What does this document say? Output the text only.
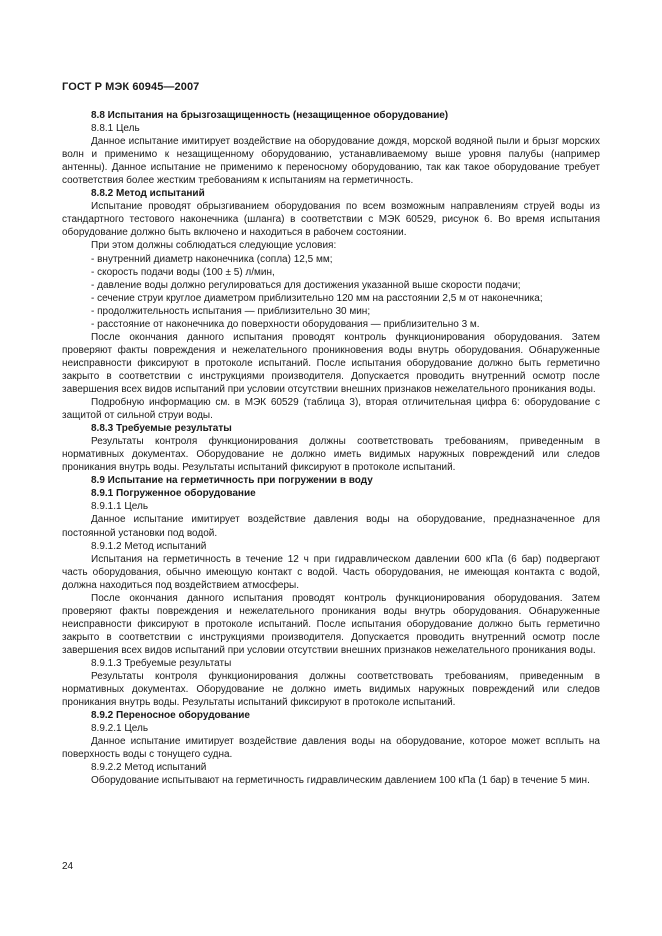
ГОСТ Р МЭК 60945—2007

8.8 Испытания на брызгозащищенность (незащищенное оборудование)

8.8.1 Цель

Данное испытание имитирует воздействие на оборудование дождя, морской водяной пыли и брызг морских волн и применимо к незащищенному оборудованию, устанавливаемому выше уровня палубы (например антенны). Данное испытание не применимо к переносному оборудованию, так как такое оборудование требует соответствия более жестким требованиям к испытаниям на герметичность.

8.8.2 Метод испытаний

Испытание проводят обрызгиванием оборудования по всем возможным направлениям струей воды из стандартного тестового наконечника (шланга) в соответствии с МЭК 60529, рисунок 6. Во время испытания оборудование должно быть включено и находиться в рабочем состоянии.

При этом должны соблюдаться следующие условия:

- внутренний диаметр наконечника (сопла) 12,5 мм;

- скорость подачи воды (100 ± 5) л/мин,

- давление воды должно регулироваться для достижения указанной выше скорости подачи;

- сечение струи круглое диаметром приблизительно 120 мм на расстоянии 2,5 м от наконечника;

- продолжительность испытания — приблизительно 30 мин;

- расстояние от наконечника до поверхности оборудования — приблизительно 3 м.

После окончания данного испытания проводят контроль функционирования оборудования. Затем проверяют факты повреждения и нежелательного проникновения воды внутрь оборудования. Обнаруженные неисправности фиксируют в протоколе испытаний. После испытания оборудование должно быть герметично закрыто в соответствии с инструкциями производителя. Допускается проводить внутренний осмотр после завершения всех видов испытаний при условии отсутствии внешних признаков нежелательного проникания воды.

Подробную информацию см. в МЭК 60529 (таблица 3), вторая отличительная цифра 6: оборудование с защитой от сильной струи воды.

8.8.3 Требуемые результаты

Результаты контроля функционирования должны соответствовать требованиям, приведенным в нормативных документах. Оборудование не должно иметь видимых наружных повреждений или следов проникания внутрь воды. Результаты испытаний фиксируют в протоколе испытаний.

8.9 Испытание на герметичность при погружении в воду

8.9.1 Погруженное оборудование

8.9.1.1 Цель

Данное испытание имитирует воздействие давления воды на оборудование, предназначенное для постоянной установки под водой.

8.9.1.2 Метод испытаний

Испытания на герметичность в течение 12 ч при гидравлическом давлении 600 кПа (6 бар) подвергают часть оборудования, обычно имеющую контакт с водой. Часть оборудования, не имеющая контакта с водой, должна находиться под воздействием атмосферы.

После окончания данного испытания проводят контроль функционирования оборудования. Затем проверяют факты повреждения и нежелательного проникания воды внутрь оборудования. Обнаруженные неисправности фиксируют в протоколе испытаний. После испытания оборудование должно быть герметично закрыто в соответствии с инструкциями производителя. Допускается проводить внутренний осмотр после завершения всех видов испытаний при условии отсутствии внешних признаков нежелательного проникания воды.

8.9.1.3 Требуемые результаты

Результаты контроля функционирования должны соответствовать требованиям, приведенным в нормативных документах. Оборудование не должно иметь видимых наружных повреждений или следов проникания внутрь воды. Результаты испытаний фиксируют в протоколе испытаний.

8.9.2 Переносное оборудование

8.9.2.1 Цель

Данное испытание имитирует воздействие давления воды на оборудование, которое может всплыть на поверхность воды с тонущего судна.

8.9.2.2 Метод испытаний

Оборудование испытывают на герметичность гидравлическим давлением 100 кПа (1 бар) в течение 5 мин.

24
